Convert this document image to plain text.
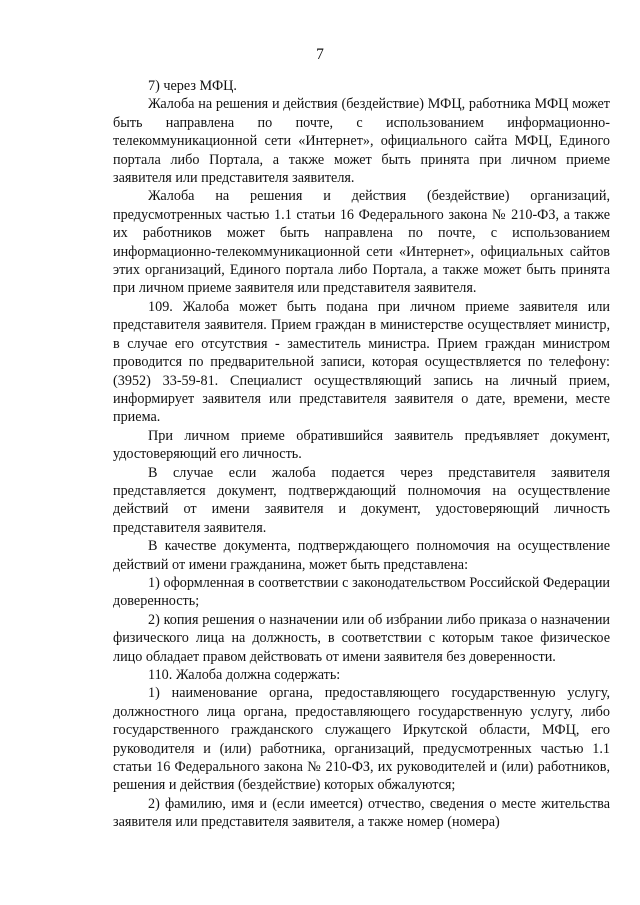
7

7) через МФЦ.

Жалоба на решения и действия (бездействие) МФЦ, работника МФЦ может быть направлена по почте, с использованием информационно-телекоммуникационной сети «Интернет», официального сайта МФЦ, Единого портала либо Портала, а также может быть принята при личном приеме заявителя или представителя заявителя.

Жалоба на решения и действия (бездействие) организаций, предусмотренных частью 1.1 статьи 16 Федерального закона № 210-ФЗ, а также их работников может быть направлена по почте, с использованием информационно-телекоммуникационной сети «Интернет», официальных сайтов этих организаций, Единого портала либо Портала, а также может быть принята при личном приеме заявителя или представителя заявителя.

109. Жалоба может быть подана при личном приеме заявителя или представителя заявителя. Прием граждан в министерстве осуществляет министр, в случае его отсутствия - заместитель министра. Прием граждан министром проводится по предварительной записи, которая осуществляется по телефону: (3952) 33-59-81. Специалист осуществляющий запись на личный прием, информирует заявителя или представителя заявителя о дате, времени, месте приема.

При личном приеме обратившийся заявитель предъявляет документ, удостоверяющий его личность.

В случае если жалоба подается через представителя заявителя представляется документ, подтверждающий полномочия на осуществление действий от имени заявителя и документ, удостоверяющий личность представителя заявителя.

В качестве документа, подтверждающего полномочия на осуществление действий от имени гражданина, может быть представлена:

1) оформленная в соответствии с законодательством Российской Федерации доверенность;

2) копия решения о назначении или об избрании либо приказа о назначении физического лица на должность, в соответствии с которым такое физическое лицо обладает правом действовать от имени заявителя без доверенности.

110. Жалоба должна содержать:

1) наименование органа, предоставляющего государственную услугу, должностного лица органа, предоставляющего государственную услугу, либо государственного гражданского служащего Иркутской области, МФЦ, его руководителя и (или) работника, организаций, предусмотренных частью 1.1 статьи 16 Федерального закона № 210-ФЗ, их руководителей и (или) работников, решения и действия (бездействие) которых обжалуются;

2) фамилию, имя и (если имеется) отчество, сведения о месте жительства заявителя или представителя заявителя, а также номер (номера)
